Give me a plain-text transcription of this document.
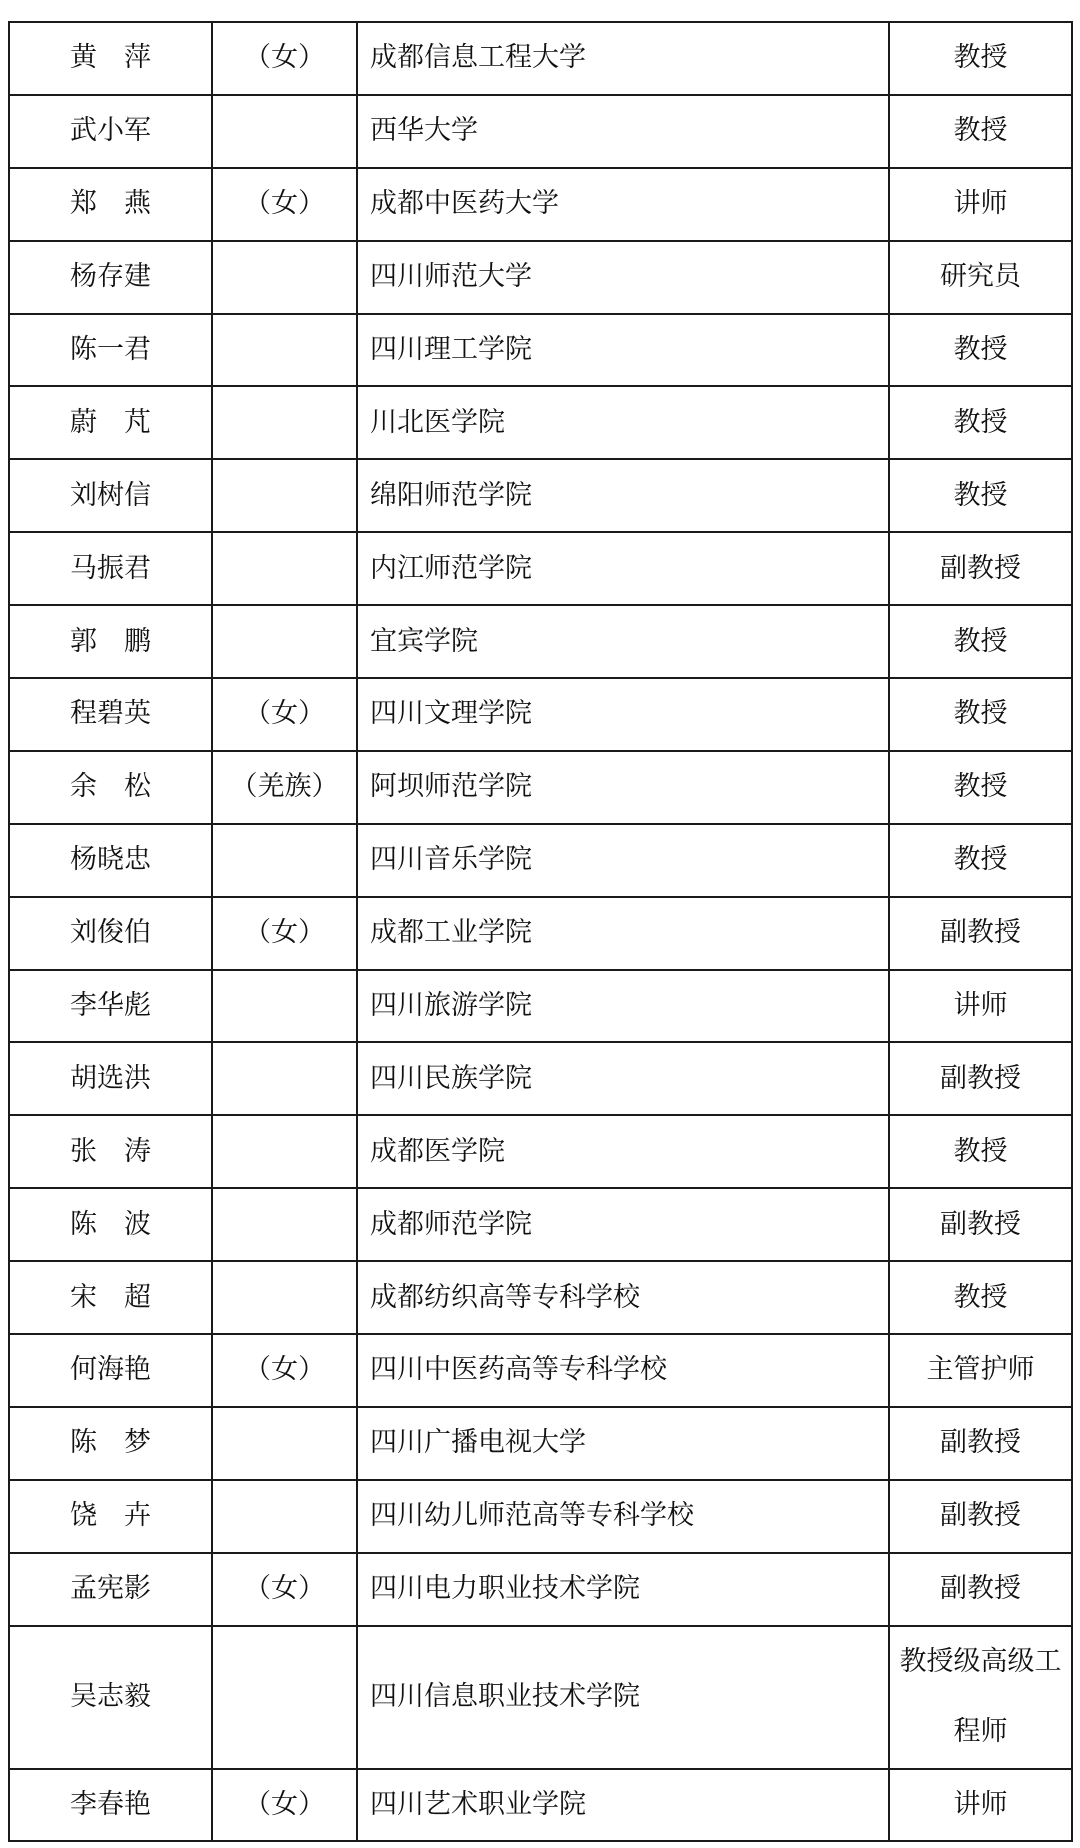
黄　萍	（女）	成都信息工程大学	教授
武小军		西华大学	教授
郑　燕	（女）	成都中医药大学	讲师
杨存建		四川师范大学	研究员
陈一君		四川理工学院	教授
蔚　芃		川北医学院	教授
刘树信		绵阳师范学院	教授
马振君		内江师范学院	副教授
郭　鹏		宜宾学院	教授
程碧英	（女）	四川文理学院	教授
余　松	（羌族）	阿坝师范学院	教授
杨晓忠		四川音乐学院	教授
刘俊伯	（女）	成都工业学院	副教授
李华彪		四川旅游学院	讲师
胡选洪		四川民族学院	副教授
张　涛		成都医学院	教授
陈　波		成都师范学院	副教授
宋　超		成都纺织高等专科学校	教授
何海艳	（女）	四川中医药高等专科学校	主管护师
陈　梦		四川广播电视大学	副教授
饶　卉		四川幼儿师范高等专科学校	副教授
孟宪影	（女）	四川电力职业技术学院	副教授
吴志毅		四川信息职业技术学院	教授级高级工程师
李春艳	（女）	四川艺术职业学院	讲师
